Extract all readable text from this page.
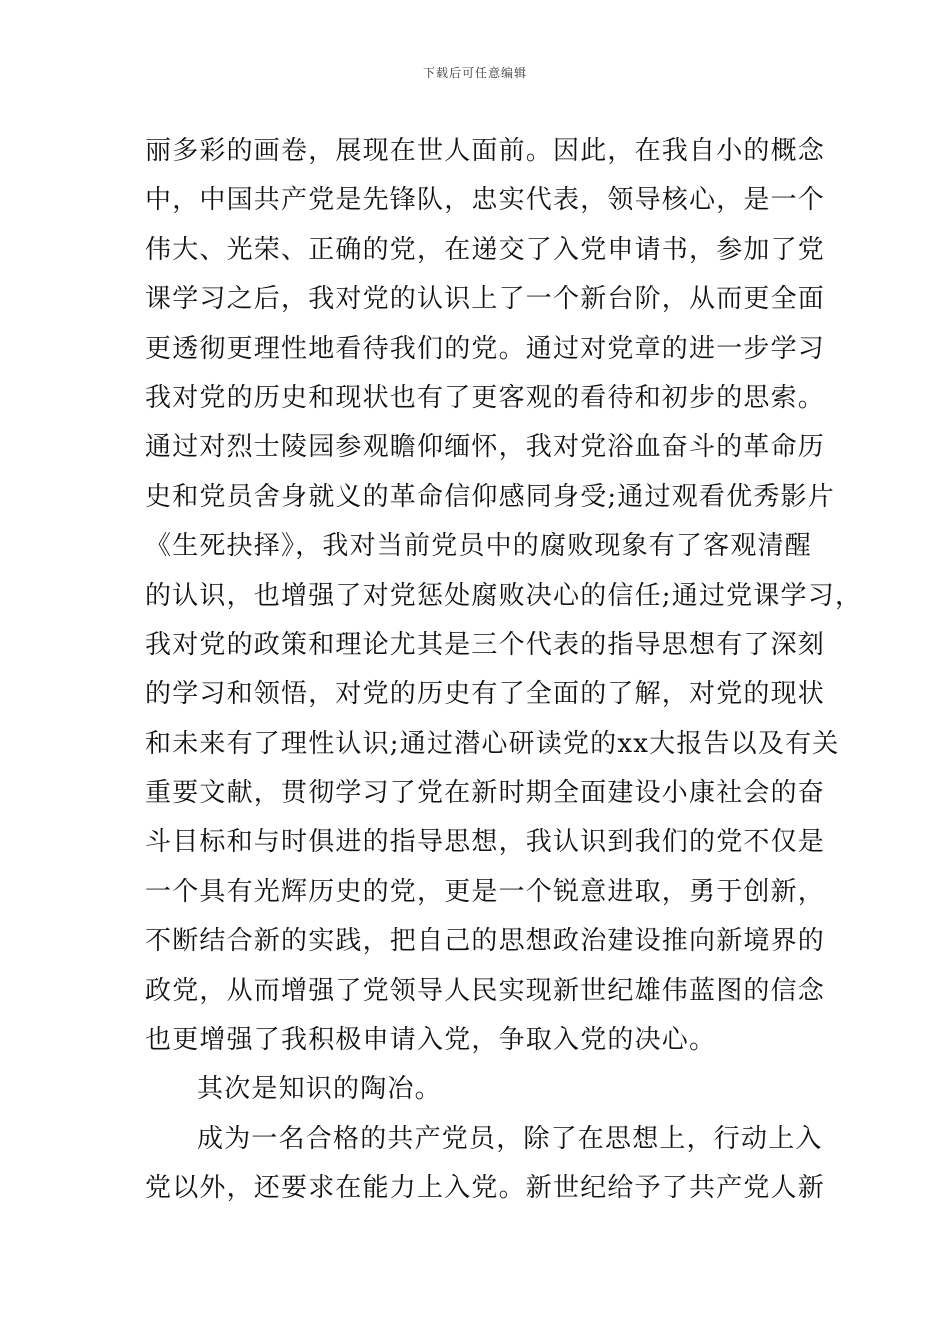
下载后可任意编辑
丽多彩的画卷，展现在世人面前。因此，在我自小的概念
中，中国共产党是先锋队，忠实代表，领导核心，是一个
伟大、光荣、正确的党，在递交了入党申请书，参加了党
课学习之后，我对党的认识上了一个新台阶，从而更全面
更透彻更理性地看待我们的党。通过对党章的进一步学习
我对党的历史和现状也有了更客观的看待和初步的思索。
通过对烈士陵园参观瞻仰缅怀，我对党浴血奋斗的革命历
史和党员舍身就义的革命信仰感同身受;通过观看优秀影片
《生死抉择》，我对当前党员中的腐败现象有了客观清醒
的认识，也增强了对党惩处腐败决心的信任;通过党课学习，
我对党的政策和理论尤其是三个代表的指导思想有了深刻
的学习和领悟，对党的历史有了全面的了解，对党的现状
和未来有了理性认识;通过潜心研读党的xx大报告以及有关
重要文献，贯彻学习了党在新时期全面建设小康社会的奋
斗目标和与时俱进的指导思想，我认识到我们的党不仅是
一个具有光辉历史的党，更是一个锐意进取，勇于创新，
不断结合新的实践，把自己的思想政治建设推向新境界的
政党，从而增强了党领导人民实现新世纪雄伟蓝图的信念
也更增强了我积极申请入党，争取入党的决心。
其次是知识的陶冶。
成为一名合格的共产党员，除了在思想上，行动上入
党以外，还要求在能力上入党。新世纪给予了共产党人新
